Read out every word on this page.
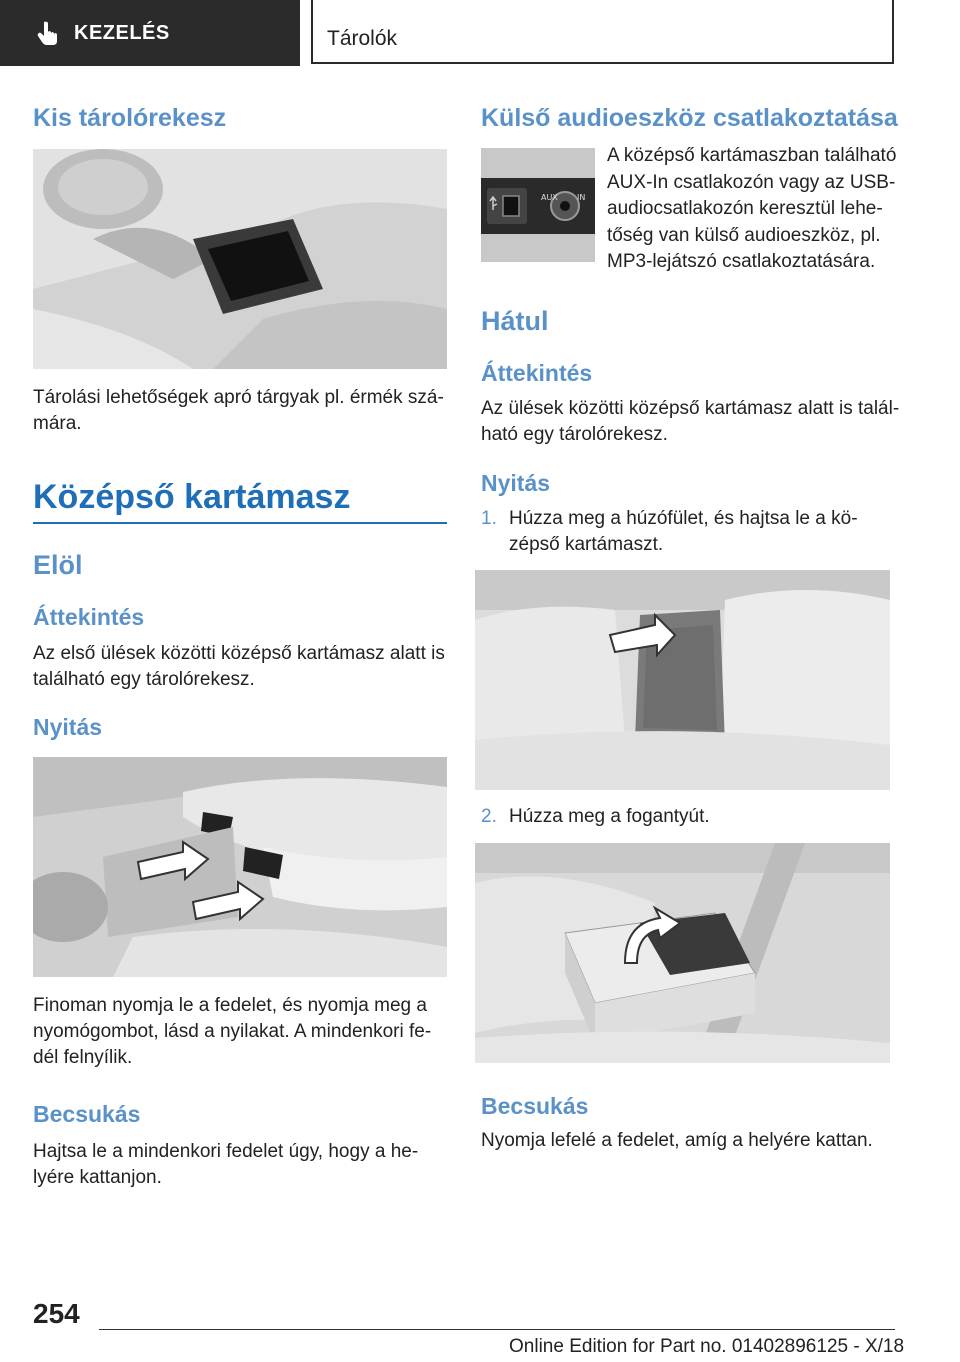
KEZELÉS	Tárolók
Kis tárolórekesz
Tárolási lehetőségek apró tárgyak pl. érmék szá-
mára.
Középső kartámasz
Elöl
Áttekintés
Az első ülések közötti középső kartámasz alatt is
található egy tárolórekesz.
Nyitás
Finoman nyomja le a fedelet, és nyomja meg a
nyomógombot, lásd a nyilakat. A mindenkori fe-
dél felnyílik.
Becsukás
Hajtsa le a mindenkori fedelet úgy, hogy a he-
lyére kattanjon.
Külső audioeszköz csatlakoztatása
AUX IN
A középső kartámaszban található
AUX-In csatlakozón vagy az USB-
audiocsatlakozón keresztül lehe-
tőség van külső audioeszköz, pl.
MP3-lejátszó csatlakoztatására.
Hátul
Áttekintés
Az ülések közötti középső kartámasz alatt is talál-
ható egy tárolórekesz.
Nyitás
1. Húzza meg a húzófület, és hajtsa le a kö-
zépső kartámaszt.
2. Húzza meg a fogantyút.
Becsukás
Nyomja lefelé a fedelet, amíg a helyére kattan.
254
Online Edition for Part no. 01402896125 - X/18
